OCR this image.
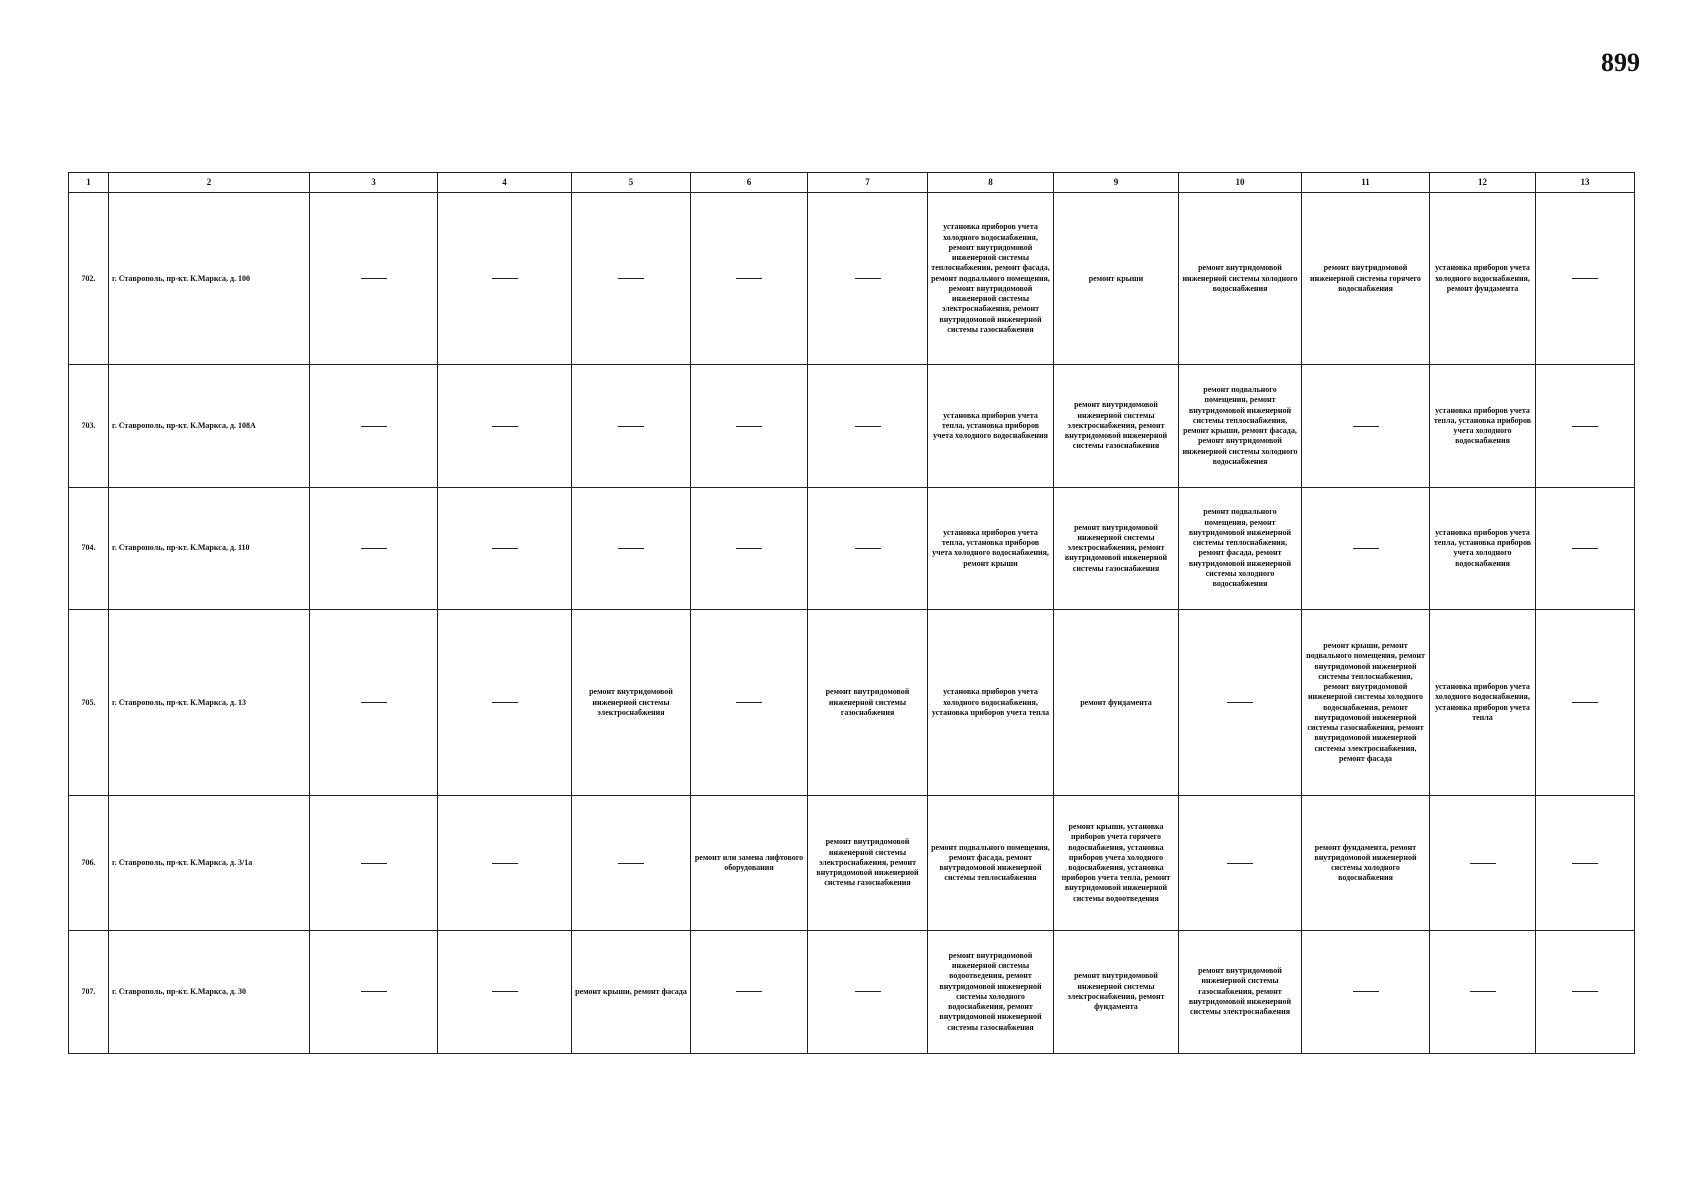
899
1	2	3	4	5	6	7	8	9	10	11	12	13
702.	г. Ставрополь, пр-кт. К.Маркса, д. 100						установка приборов учета холодного водоснабжения, ремонт внутридомовой инженерной системы теплоснабжения, ремонт фасада, ремонт подвального помещения, ремонт внутридомовой инженерной системы электроснабжения, ремонт внутридомовой инженерной системы газоснабжения	ремонт крыши	ремонт внутридомовой инженерной системы холодного водоснабжения	ремонт внутридомовой инженерной системы горячего водоснабжения	установка приборов учета холодного водоснабжения, ремонт фундамента	
703.	г. Ставрополь, пр-кт. К.Маркса, д. 108А						установка приборов учета тепла, установка приборов учета холодного водоснабжения	ремонт внутридомовой инженерной системы электроснабжения, ремонт внутридомовой инженерной системы газоснабжения	ремонт подвального помещения, ремонт внутридомовой инженерной системы теплоснабжения, ремонт крыши, ремонт фасада, ремонт внутридомовой инженерной системы холодного водоснабжения		установка приборов учета тепла, установка приборов учета холодного водоснабжения	
704.	г. Ставрополь, пр-кт. К.Маркса, д. 110						установка приборов учета тепла, установка приборов учета холодного водоснабжения, ремонт крыши	ремонт внутридомовой инженерной системы электроснабжения, ремонт внутридомовой инженерной системы газоснабжения	ремонт подвального помещения, ремонт внутридомовой инженерной системы теплоснабжения, ремонт фасада, ремонт внутридомовой инженерной системы холодного водоснабжения		установка приборов учета тепла, установка приборов учета холодного водоснабжения	
705.	г. Ставрополь, пр-кт. К.Маркса, д. 13			ремонт внутридомовой инженерной системы электроснабжения		ремонт внутридомовой инженерной системы газоснабжения	установка приборов учета холодного водоснабжения, установка приборов учета тепла	ремонт фундамента		ремонт крыши, ремонт подвального помещения, ремонт внутридомовой инженерной системы теплоснабжения, ремонт внутридомовой инженерной системы холодного водоснабжения, ремонт внутридомовой инженерной системы газоснабжения, ремонт внутридомовой инженерной системы электроснабжения, ремонт фасада	установка приборов учета холодного водоснабжения, установка приборов учета тепла	
706.	г. Ставрополь, пр-кт. К.Маркса, д. 3/1а				ремонт или замена лифтового оборудования	ремонт внутридомовой инженерной системы электроснабжения, ремонт внутридомовой инженерной системы газоснабжения	ремонт подвального помещения, ремонт фасада, ремонт внутридомовой инженерной системы теплоснабжения	ремонт крыши, установка приборов учета горячего водоснабжения, установка приборов учета холодного водоснабжения, установка приборов учета тепла, ремонт внутридомовой инженерной системы водоотведения		ремонт фундамента, ремонт внутридомовой инженерной системы холодного водоснабжения		
707.	г. Ставрополь, пр-кт. К.Маркса, д. 30			ремонт крыши, ремонт фасада			ремонт внутридомовой инженерной системы водоотведения, ремонт внутридомовой инженерной системы холодного водоснабжения, ремонт внутридомовой инженерной системы газоснабжения	ремонт внутридомовой инженерной системы электроснабжения, ремонт фундамента	ремонт внутридомовой инженерной системы газоснабжения, ремонт внутридомовой инженерной системы электроснабжения			
